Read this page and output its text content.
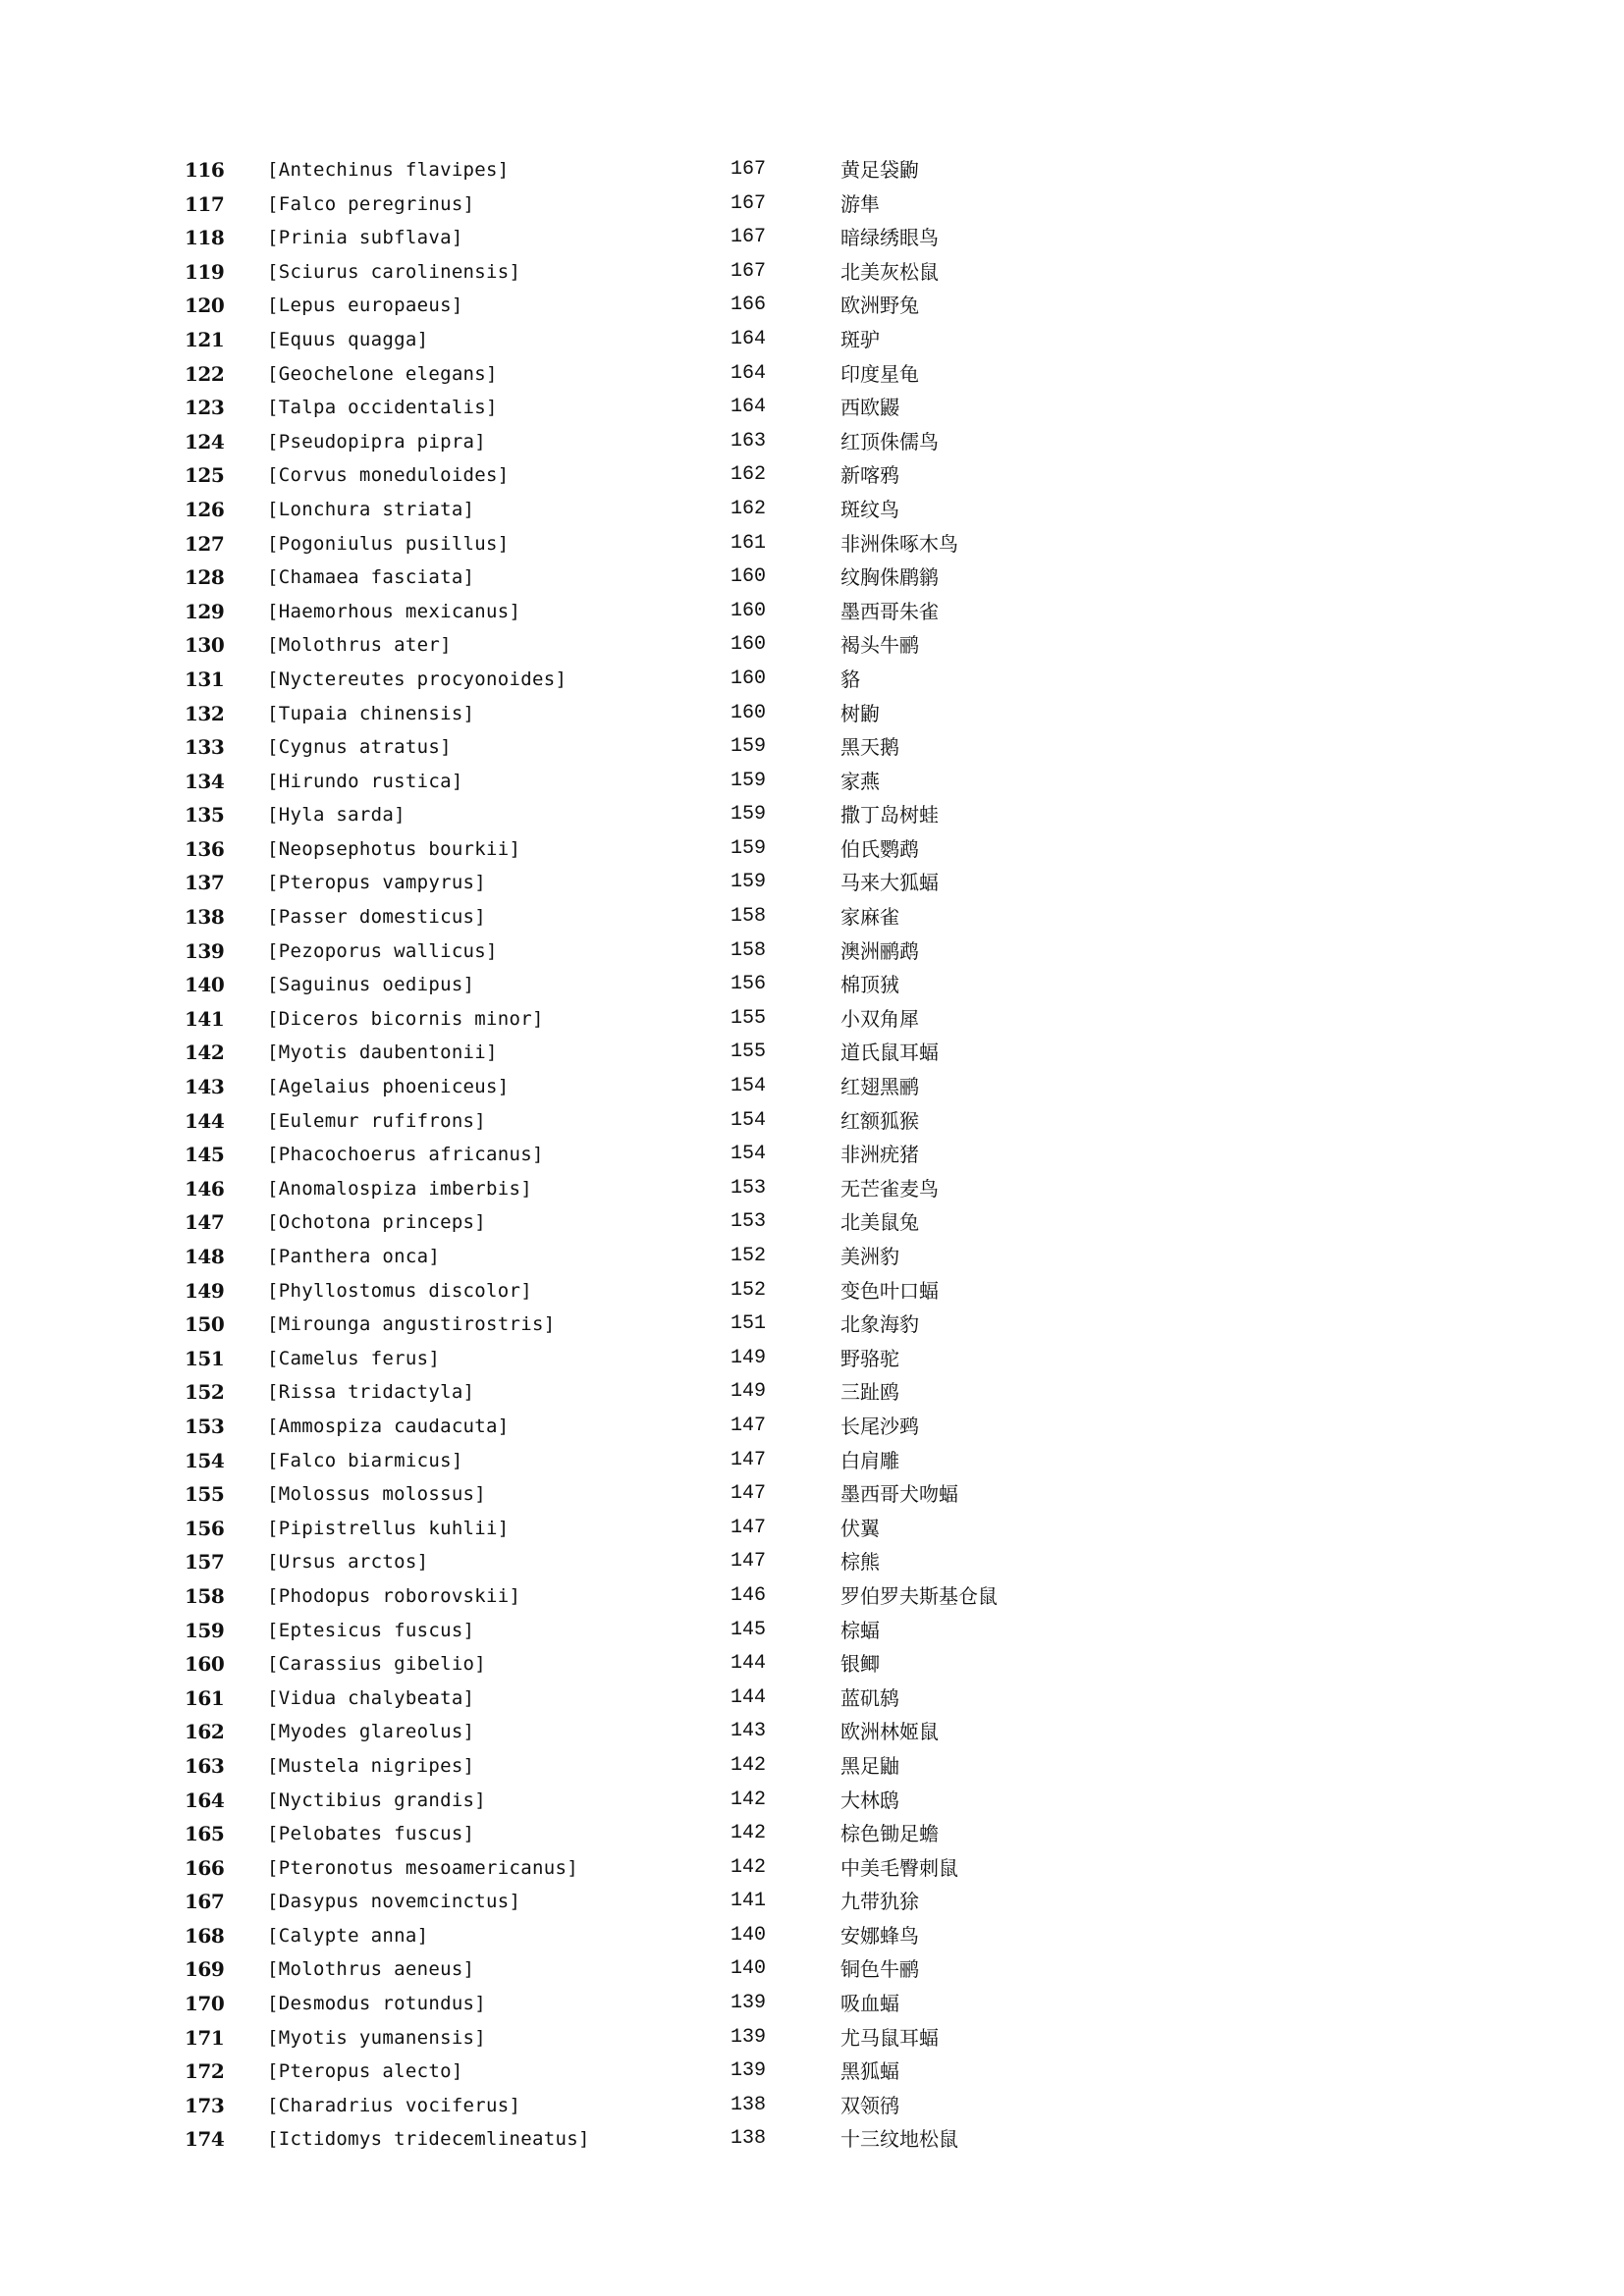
116 [Antechinus flavipes]	167	黄足袋鼩
117 [Falco peregrinus]	167	游隼
118 [Prinia subflava]	167	暗绿绣眼鸟
119 [Sciurus carolinensis]	167	北美灰松鼠
120 [Lepus europaeus]	166	欧洲野兔
121 [Equus quagga]	164	斑驴
122 [Geochelone elegans]	164	印度星龟
123 [Talpa occidentalis]	164	西欧鼹
124 [Pseudopipra pipra]	163	红顶侏儒鸟
125 [Corvus moneduloides]	162	新喀鸦
126 [Lonchura striata]	162	斑纹鸟
127 [Pogoniulus pusillus]	161	非洲侏啄木鸟
128 [Chamaea fasciata]	160	纹胸侏鹛鹟
129 [Haemorhous mexicanus]	160	墨西哥朱雀
130 [Molothrus ater]	160	褐头牛鹂
131 [Nyctereutes procyonoides]	160	貉
132 [Tupaia chinensis]	160	树鼩
133 [Cygnus atratus]	159	黑天鹅
134 [Hirundo rustica]	159	家燕
135 [Hyla sarda]	159	撒丁岛树蛙
136 [Neopsephotus bourkii]	159	伯氏鹦鹉
137 [Pteropus vampyrus]	159	马来大狐蝠
138 [Passer domesticus]	158	家麻雀
139 [Pezoporus wallicus]	158	澳洲鹂鹉
140 [Saguinus oedipus]	156	棉顶狨
141 [Diceros bicornis minor]	155	小双角犀
142 [Myotis daubentonii]	155	道氏鼠耳蝠
143 [Agelaius phoeniceus]	154	红翅黑鹂
144 [Eulemur rufifrons]	154	红额狐猴
145 [Phacochoerus africanus]	154	非洲疣猪
146 [Anomalospiza imberbis]	153	无芒雀麦鸟
147 [Ochotona princeps]	153	北美鼠兔
148 [Panthera onca]	152	美洲豹
149 [Phyllostomus discolor]	152	变色叶口蝠
150 [Mirounga angustirostris]	151	北象海豹
151 [Camelus ferus]	149	野骆驼
152 [Rissa tridactyla]	149	三趾鸥
153 [Ammospiza caudacuta]	147	长尾沙鹀
154 [Falco biarmicus]	147	白肩雕
155 [Molossus molossus]	147	墨西哥犬吻蝠
156 [Pipistrellus kuhlii]	147	伏翼
157 [Ursus arctos]	147	棕熊
158 [Phodopus roborovskii]	146	罗伯罗夫斯基仓鼠
159 [Eptesicus fuscus]	145	棕蝠
160 [Carassius gibelio]	144	银鲫
161 [Vidua chalybeata]	144	蓝矶鸫
162 [Myodes glareolus]	143	欧洲林姬鼠
163 [Mustela nigripes]	142	黑足鼬
164 [Nyctibius grandis]	142	大林鸱
165 [Pelobates fuscus]	142	棕色锄足蟾
166 [Pteronotus mesoamericanus]	142	中美毛臀刺鼠
167 [Dasypus novemcinctus]	141	九带犰狳
168 [Calypte anna]	140	安娜蜂鸟
169 [Molothrus aeneus]	140	铜色牛鹂
170 [Desmodus rotundus]	139	吸血蝠
171 [Myotis yumanensis]	139	尤马鼠耳蝠
172 [Pteropus alecto]	139	黑狐蝠
173 [Charadrius vociferus]	138	双领鸻
174 [Ictidomys tridecemlineatus]	138	十三纹地松鼠
